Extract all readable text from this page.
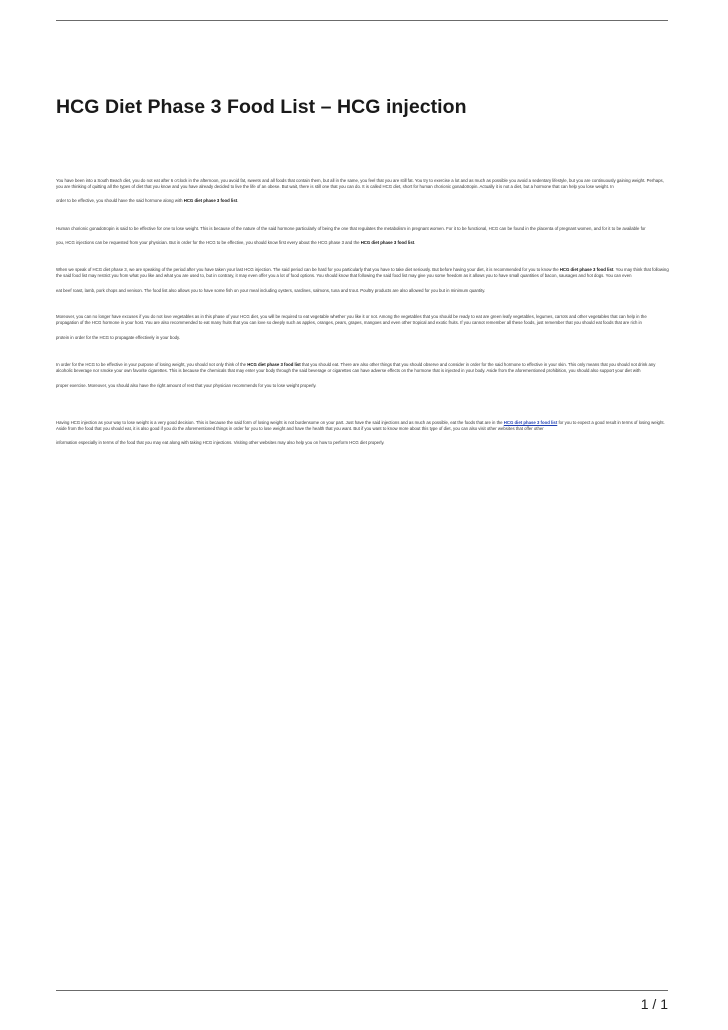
HCG Diet Phase 3 Food List – HCG injection

You have been into a South Beach diet, you do not eat after 6 o'clock in the afternoon, you avoid fat, sweets and all foods that contain them, but all in the same, you feel that you are still fat. You try to exercise a lot and as much as possible you avoid a sedentary lifestyle, but you are continuously gaining weight. Perhaps, you are thinking of quitting all the types of diet that you know and you have already decided to live the life of an obese. But wait, there is still one that you can do. It is called HCG diet, short for human chorionic gonadotropin. Actually it is not a diet, but a hormone that can help you lose weight. In

order to be effective, you should have the said hormone along with HCG diet phase 3 food list.

Human chorionic gonadotropin is said to be effective for one to lose weight. This is because of the nature of the said hormone particularly of being the one that regulates the metabolism in pregnant women. For it to be functional, HCG can be found in the placenta of pregnant women, and for it to be available for

you, HCG injections can be requested from your physician. But in order for the HCG to be effective, you should know first every about the HCG phase 3 and the HCG diet phase 3 food list.

When we speak of HCG diet phase 3, we are speaking of the period after you have taken your last HCG injection. The said period can be hard for you particularly that you have to take diet seriously. But before having your diet, it is recommended for you to know the HCG diet phase 3 food list. You may think that following the said food list may restrict you from what you like and what you are used to, but in contrary, it may even offer you a lot of food options. You should know that following the said food list may give you some freedom as it allows you to have small quantities of bacon, sausages and hot dogs. You can even

eat beef roast, lamb, pork chops and venison. The food list also allows you to have some fish on your meal including oysters, sardines, salmons, tuna and trout. Poultry products are also allowed for you but in minimum quantity.

Moreover, you can no longer have excuses if you do not love vegetables as in this phase of your HCG diet, you will be required to eat vegetable whether you like it or not. Among the vegetables that you should be ready to eat are green leafy vegetables, legumes, carrots and other vegetables that can help in the propagation of the HCG hormone in your host. You are also recommended to eat many fruits that you can love so deeply such as apples, oranges, pears, grapes, mangoes and even other tropical and exotic fruits. If you cannot remember all these foods, just remember that you should eat foods that are rich in

protein in order for the HCG to propagate effectively in your body.

In order for the HCG to be effective in your purpose of losing weight, you should not only think of the HCG diet phase 3 food list that you should eat. There are also other things that you should observe and consider in order for the said hormone to effective in your skin. This only means that you should not drink any alcoholic beverage nor smoke your own favorite cigarettes. This is because the chemicals that may enter your body through the said beverage or cigarettes can have adverse effects on the hormone that is injected in your body. Aside from the aforementioned prohibition, you should also support your diet with

proper exercise. Moreover, you should also have the right amount of rest that your physician recommends for you to lose weight properly.

Having HCG injection as your way to lose weight is a very good decision. This is because the said form of losing weight is not burdensome on your part. Just have the said injections and as much as possible, eat the foods that are in the HCG diet phase 3 food list for you to expect a good result in terms of losing weight. Aside from the food that you should eat, it is also good if you do the aforementioned things in order for you to lose weight and have the health that you want. But if you want to know more about this type of diet, you can also visit other websites that offer other

information especially in terms of the food that you may eat along with taking HCG injections. Visiting other websites may also help you on how to perform HCG diet properly.

1 / 1
